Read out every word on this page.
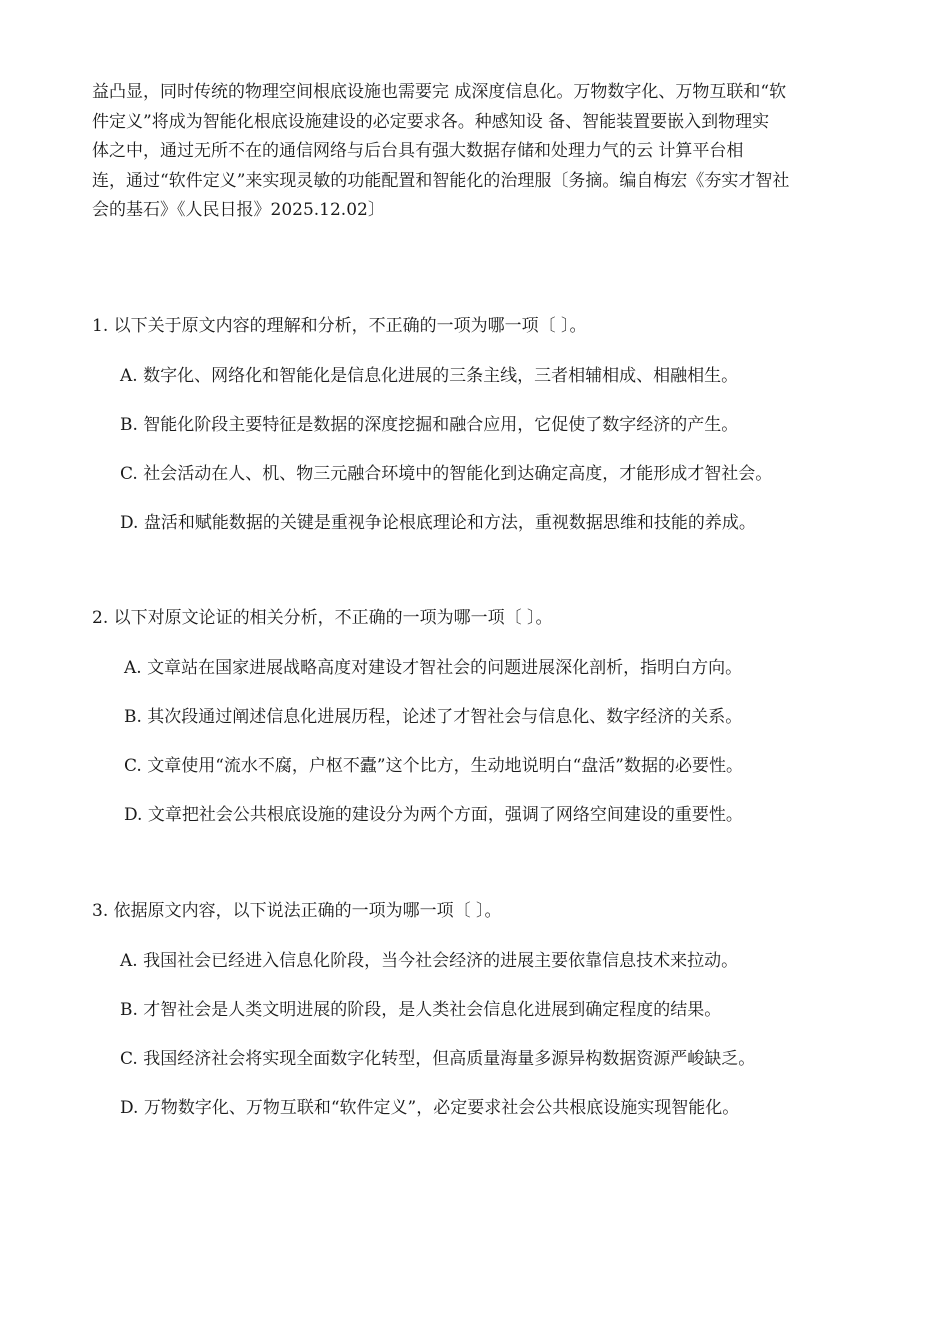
益凸显，同时传统的物理空间根底设施也需要完 成深度信息化。万物数字化、万物互联和“软
件定义”将成为智能化根底设施建设的必定要求各。种感知设 备、智能装置要嵌入到物理实
体之中，通过无所不在的通信网络与后台具有强大数据存储和处理力气的云 计算平台相
连，通过“软件定义”来实现灵敏的功能配置和智能化的治理服〔务摘。编自梅宏《夯实才智社
会的基石》《人民日报》2025.12.02〕
1. 以下关于原文内容的理解和分析，不正确的一项为哪一项〔 〕。
A. 数字化、网络化和智能化是信息化进展的三条主线，三者相辅相成、相融相生。
B. 智能化阶段主要特征是数据的深度挖掘和融合应用，它促使了数字经济的产生。
C. 社会活动在人、机、物三元融合环境中的智能化到达确定高度，才能形成才智社会。
D. 盘活和赋能数据的关键是重视争论根底理论和方法，重视数据思维和技能的养成。
2. 以下对原文论证的相关分析，不正确的一项为哪一项〔 〕。
A. 文章站在国家进展战略高度对建设才智社会的问题进展深化剖析，指明白方向。
B. 其次段通过阐述信息化进展历程，论述了才智社会与信息化、数字经济的关系。
C. 文章使用“流水不腐，户枢不蠹”这个比方，生动地说明白“盘活”数据的必要性。
D. 文章把社会公共根底设施的建设分为两个方面，强调了网络空间建设的重要性。
3. 依据原文内容，以下说法正确的一项为哪一项〔 〕。
A. 我国社会已经进入信息化阶段，当今社会经济的进展主要依靠信息技术来拉动。
B. 才智社会是人类文明进展的阶段，是人类社会信息化进展到确定程度的结果。
C. 我国经济社会将实现全面数字化转型，但高质量海量多源异构数据资源严峻缺乏。
D. 万物数字化、万物互联和“软件定义”，必定要求社会公共根底设施实现智能化。
